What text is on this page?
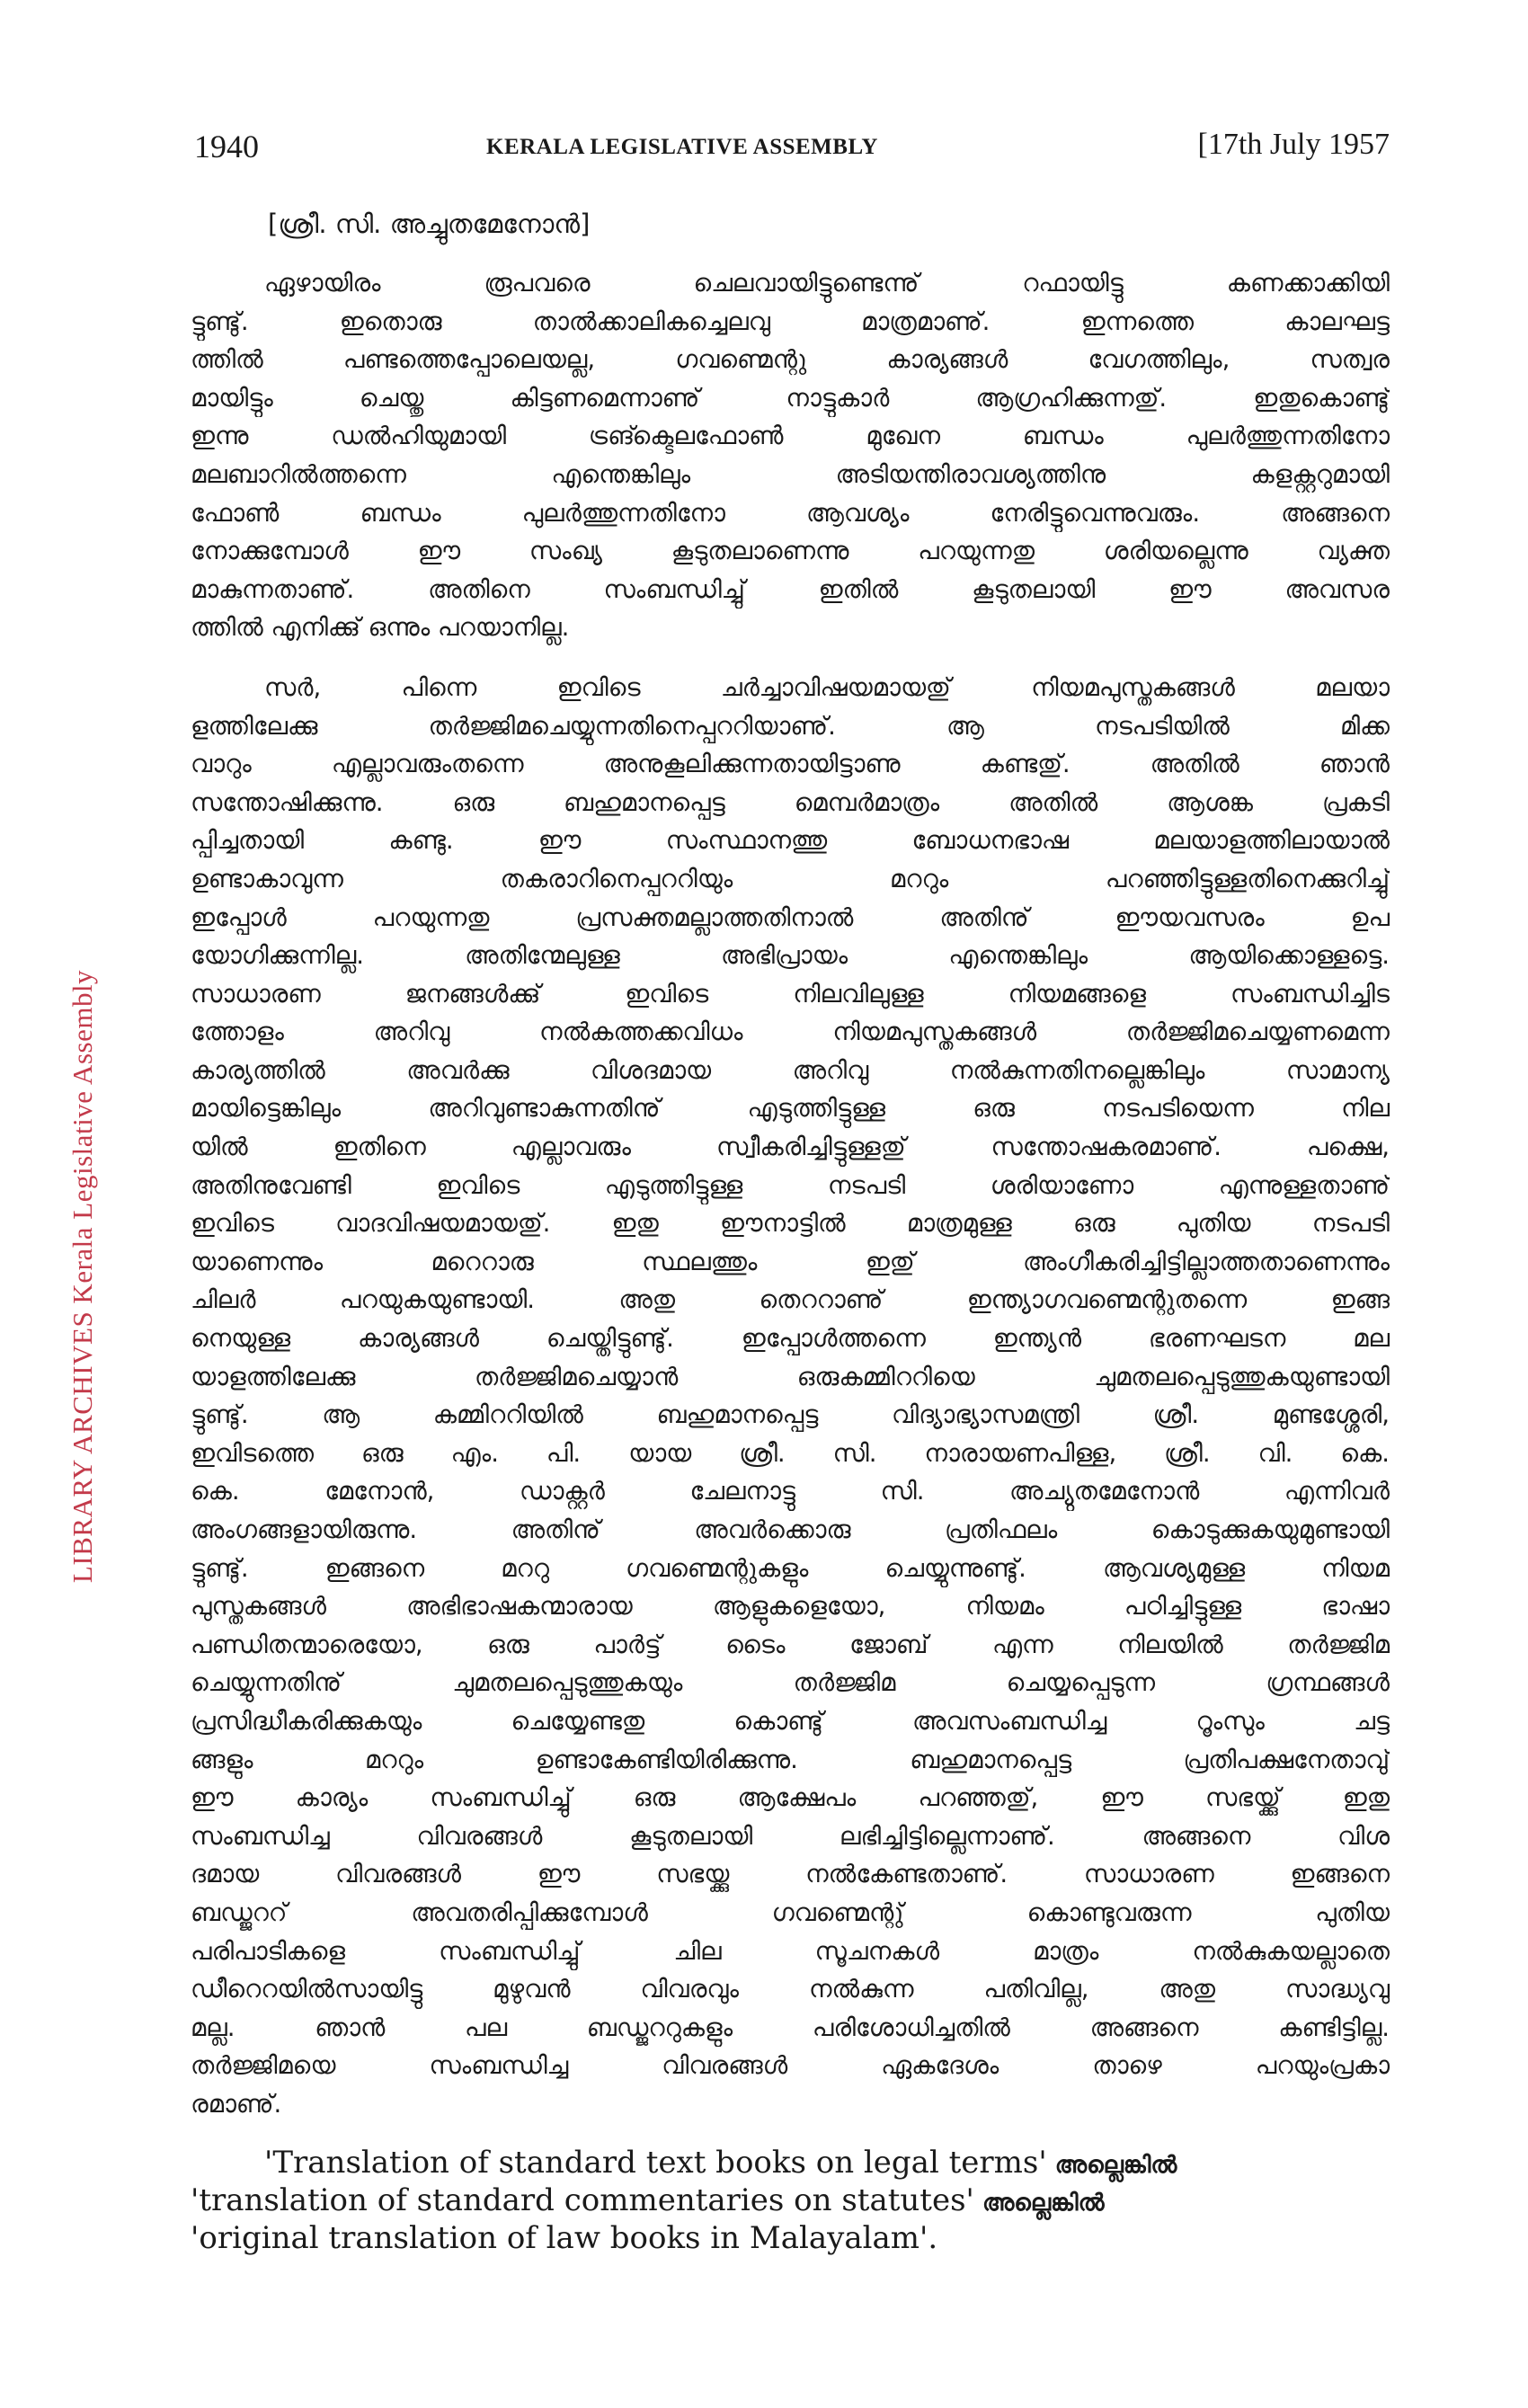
LIBRARY ARCHIVES Kerala Legislative Assembly
1940	KERALA LEGISLATIVE ASSEMBLY	[17th July 1957
[ശ്രീ. സി. അച്ചുതമേനോൻ]
ഏഴായിരം രൂപവരെ ചെലവായിട്ടുണ്ടെന്നു് റഫായിട്ടു കണക്കാക്കിയി
ട്ടുണ്ടു്. ഇതൊരു താൽക്കാലികച്ചെലവു മാത്രമാണു്. ഇന്നത്തെ കാലഘട്ട
ത്തിൽ പണ്ടത്തെപ്പോലെയല്ല, ഗവണ്മെന്റു കാര്യങ്ങൾ വേഗത്തിലും, സത്വര
മായിട്ടും ചെയ്തു കിട്ടണമെന്നാണു് നാട്ടുകാർ ആഗ്രഹിക്കുന്നതു്. ഇതുകൊണ്ടു്
ഇന്നു ഡൽഹിയുമായി ട്രങ്ക്ടെലഫോൺ മുഖേന ബന്ധം പുലർത്തുന്നതിനോ
മലബാറിൽത്തന്നെ എന്തെങ്കിലും അടിയന്തിരാവശ്യത്തിനു കളക്റ്ററുമായി
ഫോൺ ബന്ധം പുലർത്തുന്നതിനോ ആവശ്യം നേരിട്ടുവെന്നുവരും. അങ്ങനെ
നോക്കുമ്പോൾ ഈ സംഖ്യ കൂടുതലാണെന്നു പറയുന്നതു ശരിയല്ലെന്നു വ്യക്ത
മാകുന്നതാണു്. അതിനെ സംബന്ധിച്ചു് ഇതിൽ കൂടുതലായി ഈ അവസര
ത്തിൽ എനിക്കു് ഒന്നും പറയാനില്ല.
സർ, പിന്നെ ഇവിടെ ചർച്ചാവിഷയമായതു് നിയമപുസ്തകങ്ങൾ മലയാ
ളത്തിലേക്കു തർജ്ജിമചെയ്യുന്നതിനെപ്പററിയാണു്. ആ നടപടിയിൽ മിക്ക
വാറും എല്ലാവരുംതന്നെ അനുകൂലിക്കുന്നതായിട്ടാണു കണ്ടതു്. അതിൽ ഞാൻ
സന്തോഷിക്കുന്നു. ഒരു ബഹുമാനപ്പെട്ട മെമ്പർമാത്രം അതിൽ ആശങ്ക പ്രകടി
പ്പിച്ചതായി കണ്ടു. ഈ സംസ്ഥാനത്തു ബോധനഭാഷ മലയാളത്തിലായാൽ
ഉണ്ടാകാവുന്ന തകരാറിനെപ്പററിയും മററും പറഞ്ഞിട്ടുള്ളതിനെക്കുറിച്ചു്
ഇപ്പോൾ പറയുന്നതു പ്രസക്തമല്ലാത്തതിനാൽ അതിനു് ഈയവസരം ഉപ
യോഗിക്കുന്നില്ല. അതിന്മേലുള്ള അഭിപ്രായം എന്തെങ്കിലും ആയിക്കൊള്ളട്ടെ.
സാധാരണ ജനങ്ങൾക്കു് ഇവിടെ നിലവിലുള്ള നിയമങ്ങളെ സംബന്ധിച്ചിട
ത്തോളം അറിവു നൽകത്തക്കവിധം നിയമപുസ്തകങ്ങൾ തർജ്ജിമചെയ്യണമെന്ന
കാര്യത്തിൽ അവർക്കു വിശദമായ അറിവു നൽകുന്നതിനല്ലെങ്കിലും സാമാന്യ
മായിട്ടെങ്കിലും അറിവുണ്ടാകുന്നതിനു് എടുത്തിട്ടുള്ള ഒരു നടപടിയെന്ന നില
യിൽ ഇതിനെ എല്ലാവരും സ്വീകരിച്ചിട്ടുള്ളതു് സന്തോഷകരമാണു്. പക്ഷെ,
അതിനുവേണ്ടി ഇവിടെ എടുത്തിട്ടുള്ള നടപടി ശരിയാണോ എന്നുള്ളതാണു്
ഇവിടെ വാദവിഷയമായതു്. ഇതു ഈനാട്ടിൽ മാത്രമുള്ള ഒരു പുതിയ നടപടി
യാണെന്നും മറെറാരു സ്ഥലത്തും ഇതു് അംഗീകരിച്ചിട്ടില്ലാത്തതാണെന്നും
ചിലർ പറയുകയുണ്ടായി. അതു തെററാണു് ഇന്ത്യാഗവണ്മെന്റുതന്നെ ഇങ്ങ
നെയുള്ള കാര്യങ്ങൾ ചെയ്തിട്ടുണ്ടു്. ഇപ്പോൾത്തന്നെ ഇന്ത്യൻ ഭരണഘടന മല
യാളത്തിലേക്കു തർജ്ജിമചെയ്യാൻ ഒരുകമ്മിററിയെ ചുമതലപ്പെടുത്തുകയുണ്ടായി
ട്ടുണ്ടു്. ആ കമ്മിററിയിൽ ബഹുമാനപ്പെട്ട വിദ്യാഭ്യാസമന്ത്രി ശ്രീ. മുണ്ടശ്ശേരി,
ഇവിടത്തെ ഒരു എം. പി. യായ ശ്രീ. സി. നാരായണപിള്ള, ശ്രീ. വി. കെ.
കെ. മേനോൻ, ഡാക്റ്റർ ചേലനാട്ടു സി. അച്യുതമേനോൻ എന്നിവർ
അംഗങ്ങളായിരുന്നു. അതിനു് അവർക്കൊരു പ്രതിഫലം കൊടുക്കുകയുമുണ്ടായി
ട്ടുണ്ടു്. ഇങ്ങനെ മററു ഗവണ്മെന്റുകളും ചെയ്യുന്നുണ്ടു്. ആവശ്യമുള്ള നിയമ
പുസ്തകങ്ങൾ അഭിഭാഷകന്മാരായ ആളുകളെയോ, നിയമം പഠിച്ചിട്ടുള്ള ഭാഷാ
പണ്ഡിതന്മാരെയോ, ഒരു പാർട്ട് ടൈം ജോബ് എന്ന നിലയിൽ തർജ്ജിമ
ചെയ്യുന്നതിനു് ചുമതലപ്പെടുത്തുകയും തർജ്ജിമ ചെയ്യപ്പെടുന്ന ഗ്രന്ഥങ്ങൾ
പ്രസിദ്ധീകരിക്കുകയും ചെയ്യേണ്ടതു കൊണ്ടു് അവസംബന്ധിച്ച റൂംസും ചട്ട
ങ്ങളും മററും ഉണ്ടാകേണ്ടിയിരിക്കുന്നു. ബഹുമാനപ്പെട്ട പ്രതിപക്ഷനേതാവു്
ഈ കാര്യം സംബന്ധിച്ചു് ഒരു ആക്ഷേപം പറഞ്ഞതു്, ഈ സഭയ്ക്കു് ഇതു
സംബന്ധിച്ച വിവരങ്ങൾ കൂടുതലായി ലഭിച്ചിട്ടില്ലെന്നാണു്. അങ്ങനെ വിശ
ദമായ വിവരങ്ങൾ ഈ സഭയ്ക്കു നൽകേണ്ടതാണു്. സാധാരണ ഇങ്ങനെ
ബഡ്ജററ് അവതരിപ്പിക്കുമ്പോൾ ഗവണ്മെന്റു് കൊണ്ടുവരുന്ന പുതിയ
പരിപാടികളെ സംബന്ധിച്ചു് ചില സൂചനകൾ മാത്രം നൽകുകയല്ലാതെ
ഡീറെറയിൽസായിട്ടു മുഴുവൻ വിവരവും നൽകുന്ന പതിവില്ല, അതു സാദ്ധ്യവു
മല്ല. ഞാൻ പല ബഡ്ജററുകളും പരിശോധിച്ചതിൽ അങ്ങനെ കണ്ടിട്ടില്ല.
തർജ്ജിമയെ സംബന്ധിച്ച വിവരങ്ങൾ ഏകദേശം താഴെ പറയുംപ്രകാ
രമാണു്.
'Translation of standard text books on legal terms' അല്ലെങ്കിൽ
'translation of standard commentaries on statutes' അല്ലെങ്കിൽ
'original translation of law books in Malayalam'.
